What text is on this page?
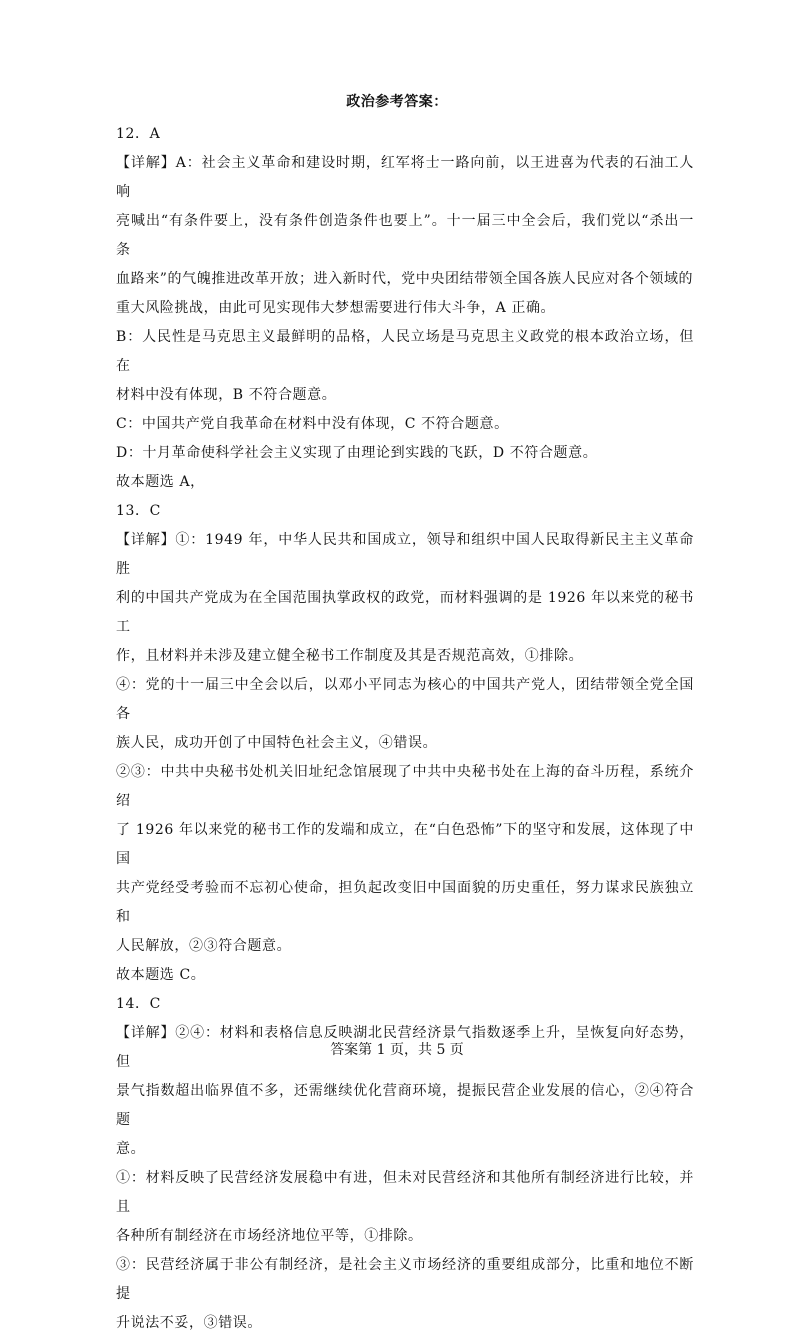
政治参考答案：

12．A

【详解】A：社会主义革命和建设时期，红军将士一路向前，以王进喜为代表的石油工人响

亮喊出“有条件要上，没有条件创造条件也要上”。十一届三中全会后，我们党以“杀出一条

血路来”的气魄推进改革开放；进入新时代，党中央团结带领全国各族人民应对各个领域的

重大风险挑战，由此可见实现伟大梦想需要进行伟大斗争，A 正确。

B：人民性是马克思主义最鲜明的品格，人民立场是马克思主义政党的根本政治立场，但在

材料中没有体现，B 不符合题意。

C：中国共产党自我革命在材料中没有体现，C 不符合题意。

D：十月革命使科学社会主义实现了由理论到实践的飞跃，D 不符合题意。

故本题选 A，

13．C

【详解】①：1949 年，中华人民共和国成立，领导和组织中国人民取得新民主主义革命胜

利的中国共产党成为在全国范围执掌政权的政党，而材料强调的是 1926 年以来党的秘书工

作，且材料并未涉及建立健全秘书工作制度及其是否规范高效，①排除。

④：党的十一届三中全会以后，以邓小平同志为核心的中国共产党人，团结带领全党全国各

族人民，成功开创了中国特色社会主义，④错误。

②③：中共中央秘书处机关旧址纪念馆展现了中共中央秘书处在上海的奋斗历程，系统介绍

了 1926 年以来党的秘书工作的发端和成立，在“白色恐怖”下的坚守和发展，这体现了中国

共产党经受考验而不忘初心使命，担负起改变旧中国面貌的历史重任，努力谋求民族独立和

人民解放，②③符合题意。

故本题选 C。

14．C

【详解】②④：材料和表格信息反映湖北民营经济景气指数逐季上升，呈恢复向好态势，但

景气指数超出临界值不多，还需继续优化营商环境，提振民营企业发展的信心，②④符合题

意。

①：材料反映了民营经济发展稳中有进，但未对民营经济和其他所有制经济进行比较，并且

各种所有制经济在市场经济地位平等，①排除。

③：民营经济属于非公有制经济，是社会主义市场经济的重要组成部分，比重和地位不断提

升说法不妥，③错误。

答案第 1 页，共 5 页
